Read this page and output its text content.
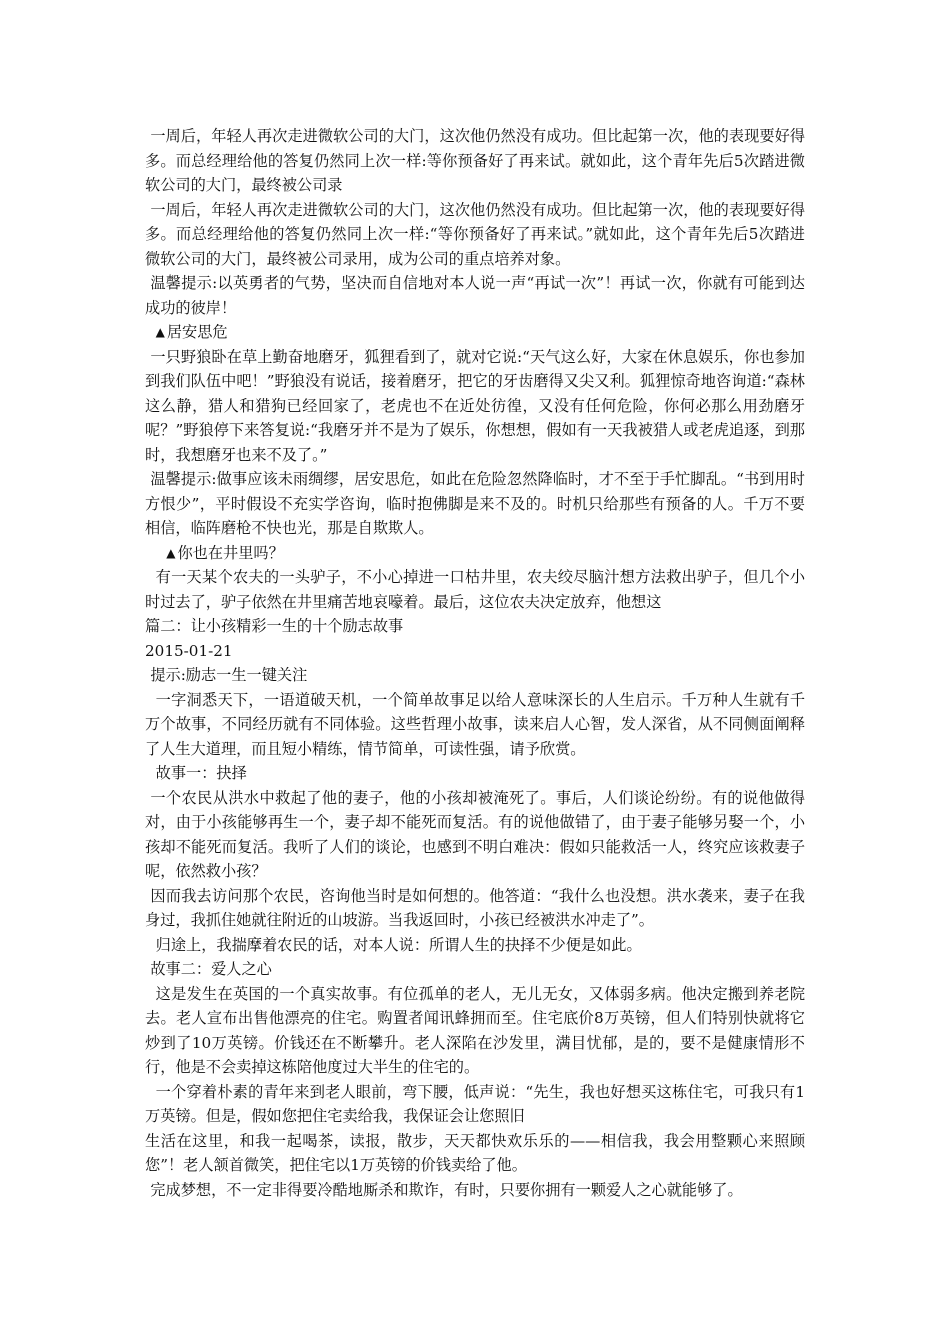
一周后，年轻人再次走进微软公司的大门，这次他仍然没有成功。但比起第一次，他的表现要好得多。而总经理给他的答复仍然同上次一样:等你预备好了再来试。就如此，这个青年先后5次踏进微软公司的大门，最终被公司录

一周后，年轻人再次走进微软公司的大门，这次他仍然没有成功。但比起第一次，他的表现要好得多。而总经理给他的答复仍然同上次一样:“等你预备好了再来试。”就如此，这个青年先后5次踏进微软公司的大门，最终被公司录用，成为公司的重点培养对象。

温馨提示:以英勇者的气势，坚决而自信地对本人说一声“再试一次”！再试一次，你就有可能到达成功的彼岸！

▲ 居安思危

一只野狼卧在草上勤奋地磨牙，狐狸看到了，就对它说:“天气这么好，大家在休息娱乐，你也参加到我们队伍中吧！”野狼没有说话，接着磨牙，把它的牙齿磨得又尖又利。狐狸惊奇地咨询道:“森林这么静，猎人和猎狗已经回家了，老虎也不在近处彷徨，又没有任何危险，你何必那么用劲磨牙呢？”野狼停下来答复说:“我磨牙并不是为了娱乐，你想想，假如有一天我被猎人或老虎追逐，到那时，我想磨牙也来不及了。”

温馨提示:做事应该未雨绸缪，居安思危，如此在危险忽然降临时，才不至于手忙脚乱。“书到用时方恨少”，平时假设不充实学咨询，临时抱佛脚是来不及的。时机只给那些有预备的人。千万不要相信，临阵磨枪不快也光，那是自欺欺人。

▲ 你也在井里吗？

有一天某个农夫的一头驴子，不小心掉进一口枯井里，农夫绞尽脑汁想方法救出驴子，但几个小时过去了，驴子依然在井里痛苦地哀嚎着。最后，这位农夫决定放弃，他想这

篇二：让小孩精彩一生的十个励志故事

2015-01-21

提示:励志一生一键关注

一字洞悉天下，一语道破天机，一个简单故事足以给人意味深长的人生启示。千万种人生就有千万个故事，不同经历就有不同体验。这些哲理小故事，读来启人心智，发人深省，从不同侧面阐释了人生大道理，而且短小精练，情节简单，可读性强，请予欣赏。

故事一：抉择

一个农民从洪水中救起了他的妻子，他的小孩却被淹死了。事后，人们谈论纷纷。有的说他做得对，由于小孩能够再生一个，妻子却不能死而复活。有的说他做错了，由于妻子能够另娶一个，小孩却不能死而复活。我听了人们的谈论，也感到不明白难决：假如只能救活一人，终究应该救妻子呢，依然救小孩？

因而我去访问那个农民，咨询他当时是如何想的。他答道：“我什么也没想。洪水袭来，妻子在我身过，我抓住她就往附近的山坡游。当我返回时，小孩已经被洪水冲走了”。

归途上，我揣摩着农民的话，对本人说：所谓人生的抉择不少便是如此。

故事二：爱人之心

这是发生在英国的一个真实故事。有位孤单的老人，无儿无女，又体弱多病。他决定搬到养老院去。老人宣布出售他漂亮的住宅。购置者闻讯蜂拥而至。住宅底价8万英镑，但人们特别快就将它炒到了10万英镑。价钱还在不断攀升。老人深陷在沙发里，满目忧郁，是的，要不是健康情形不行，他是不会卖掉这栋陪他度过大半生的住宅的。

一个穿着朴素的青年来到老人眼前，弯下腰，低声说：“先生，我也好想买这栋住宅，可我只有1万英镑。但是，假如您把住宅卖给我，我保证会让您照旧

生活在这里，和我一起喝茶，读报，散步，天天都快欢乐乐的——相信我，我会用整颗心来照顾您”！老人颔首微笑，把住宅以1万英镑的价钱卖给了他。

完成梦想，不一定非得要冷酷地厮杀和欺诈，有时，只要你拥有一颗爱人之心就能够了。
